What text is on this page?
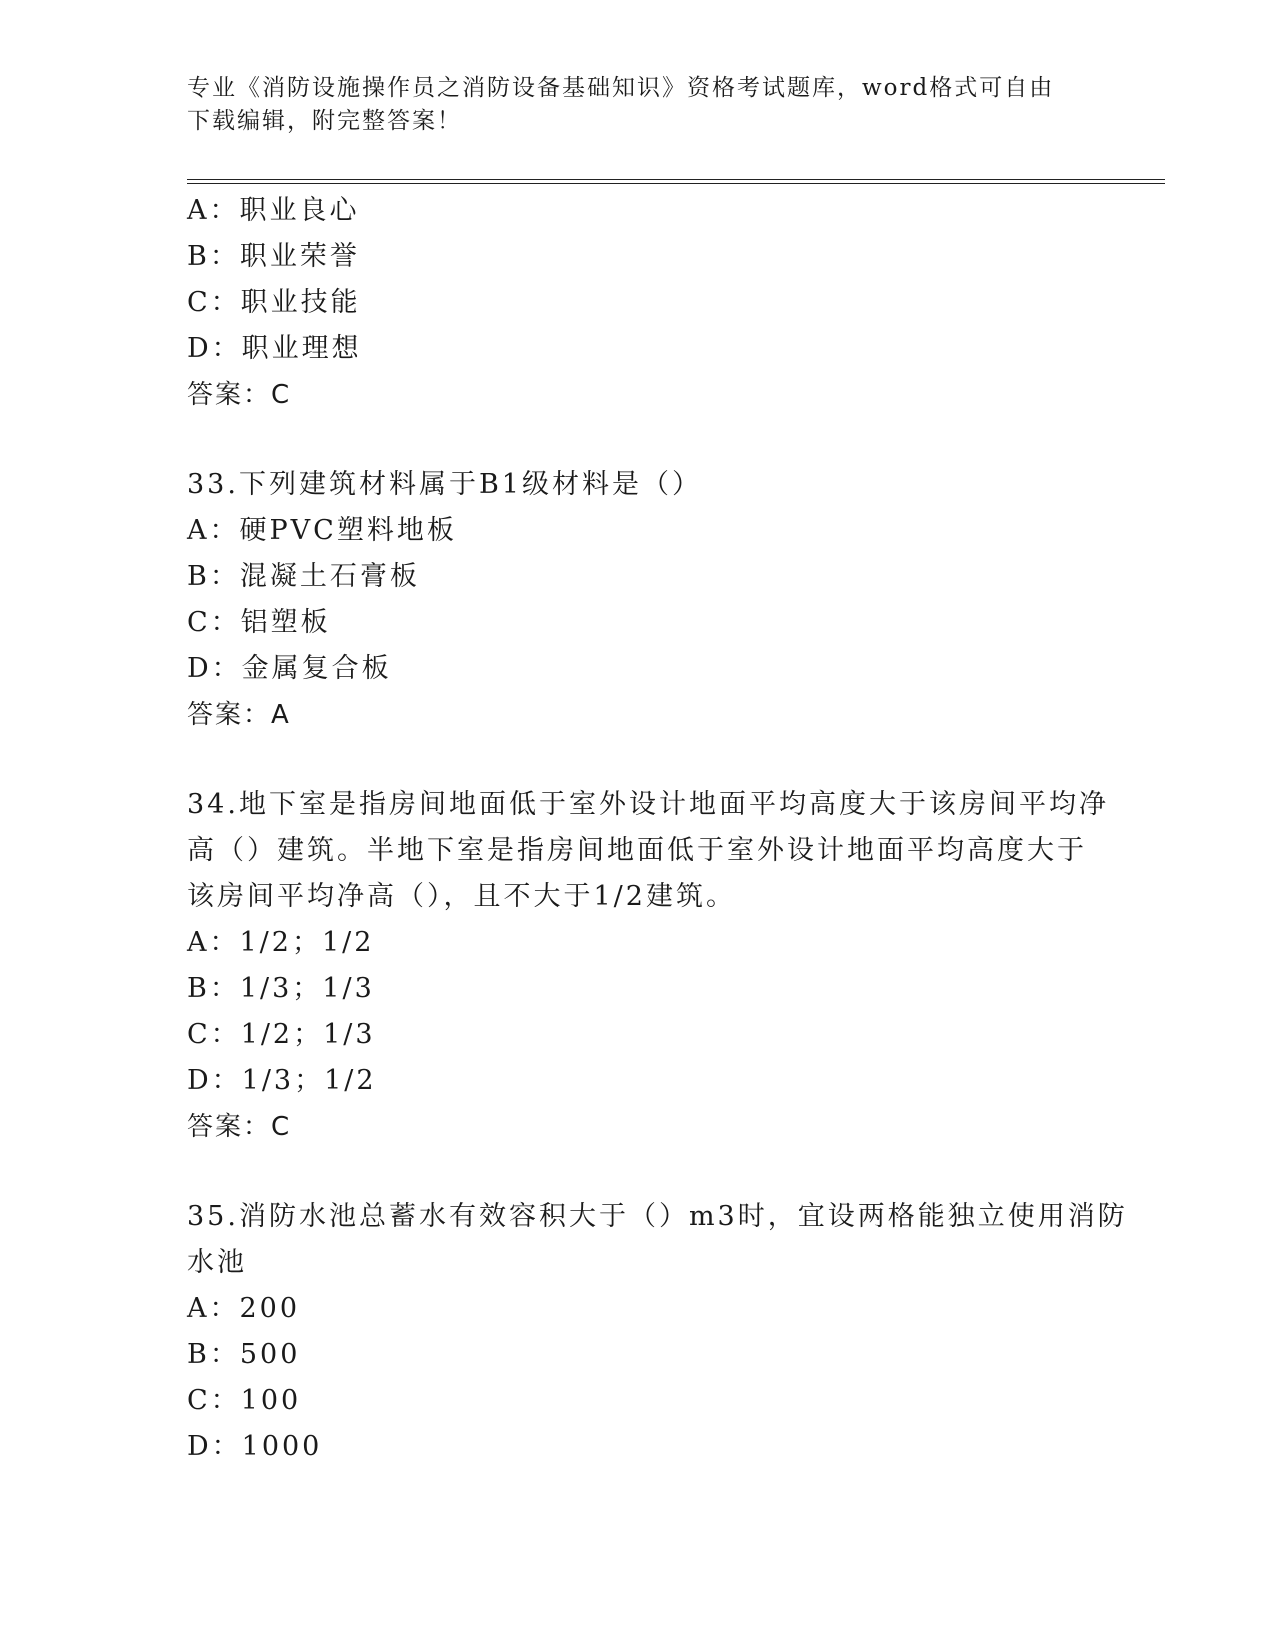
专业《消防设施操作员之消防设备基础知识》资格考试题库，word格式可自由下载编辑，附完整答案！
A：职业良心
B：职业荣誉
C：职业技能
D：职业理想
答案：C
33.下列建筑材料属于B1级材料是（）
A：硬PVC塑料地板
B：混凝土石膏板
C：铝塑板
D：金属复合板
答案：A
34.地下室是指房间地面低于室外设计地面平均高度大于该房间平均净
高（）建筑。半地下室是指房间地面低于室外设计地面平均高度大于
该房间平均净高（），且不大于1/2建筑。
A：1/2；1/2
B：1/3；1/3
C：1/2；1/3
D：1/3；1/2
答案：C
35.消防水池总蓄水有效容积大于（）m3时，宜设两格能独立使用消防
水池
A：200
B：500
C：100
D：1000
